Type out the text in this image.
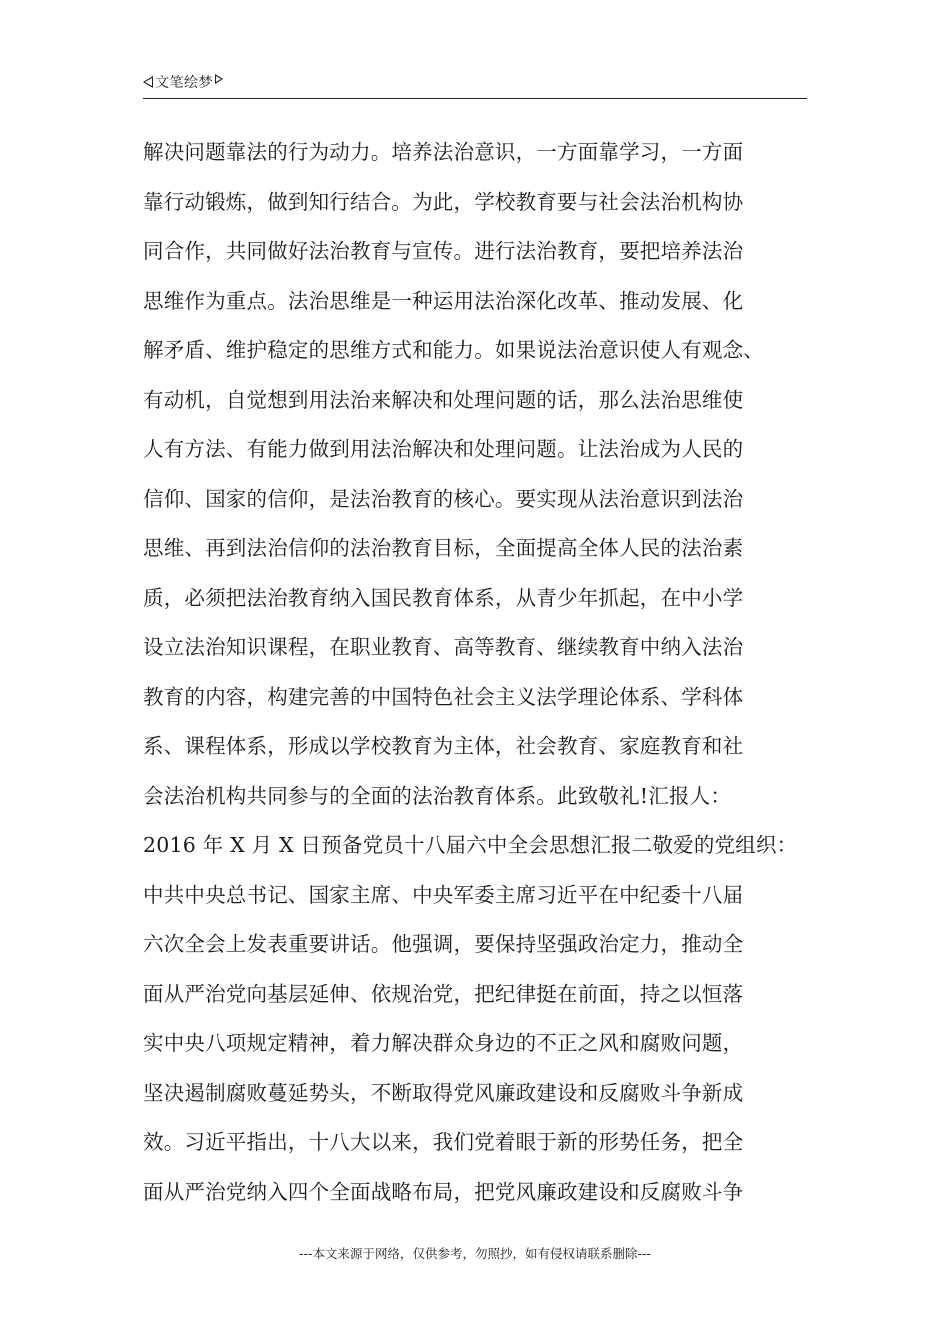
文笔绘梦
解决问题靠法的行为动力。培养法治意识，一方面靠学习，一方面
靠行动锻炼，做到知行结合。为此，学校教育要与社会法治机构协
同合作，共同做好法治教育与宣传。进行法治教育，要把培养法治
思维作为重点。法治思维是一种运用法治深化改革、推动发展、化
解矛盾、维护稳定的思维方式和能力。如果说法治意识使人有观念、
有动机，自觉想到用法治来解决和处理问题的话，那么法治思维使
人有方法、有能力做到用法治解决和处理问题。让法治成为人民的
信仰、国家的信仰，是法治教育的核心。要实现从法治意识到法治
思维、再到法治信仰的法治教育目标，全面提高全体人民的法治素
质，必须把法治教育纳入国民教育体系，从青少年抓起，在中小学
设立法治知识课程，在职业教育、高等教育、继续教育中纳入法治
教育的内容，构建完善的中国特色社会主义法学理论体系、学科体
系、课程体系，形成以学校教育为主体，社会教育、家庭教育和社
会法治机构共同参与的全面的法治教育体系。此致敬礼!汇报人：
2016 年 X 月 X 日预备党员十八届六中全会思想汇报二敬爱的党组织：
中共中央总书记、国家主席、中央军委主席习近平在中纪委十八届
六次全会上发表重要讲话。他强调，要保持坚强政治定力，推动全
面从严治党向基层延伸、依规治党，把纪律挺在前面，持之以恒落
实中央八项规定精神，着力解决群众身边的不正之风和腐败问题，
坚决遏制腐败蔓延势头，不断取得党风廉政建设和反腐败斗争新成
效。习近平指出，十八大以来，我们党着眼于新的形势任务，把全
面从严治党纳入四个全面战略布局，把党风廉政建设和反腐败斗争
---本文来源于网络，仅供参考，勿照抄，如有侵权请联系删除---
